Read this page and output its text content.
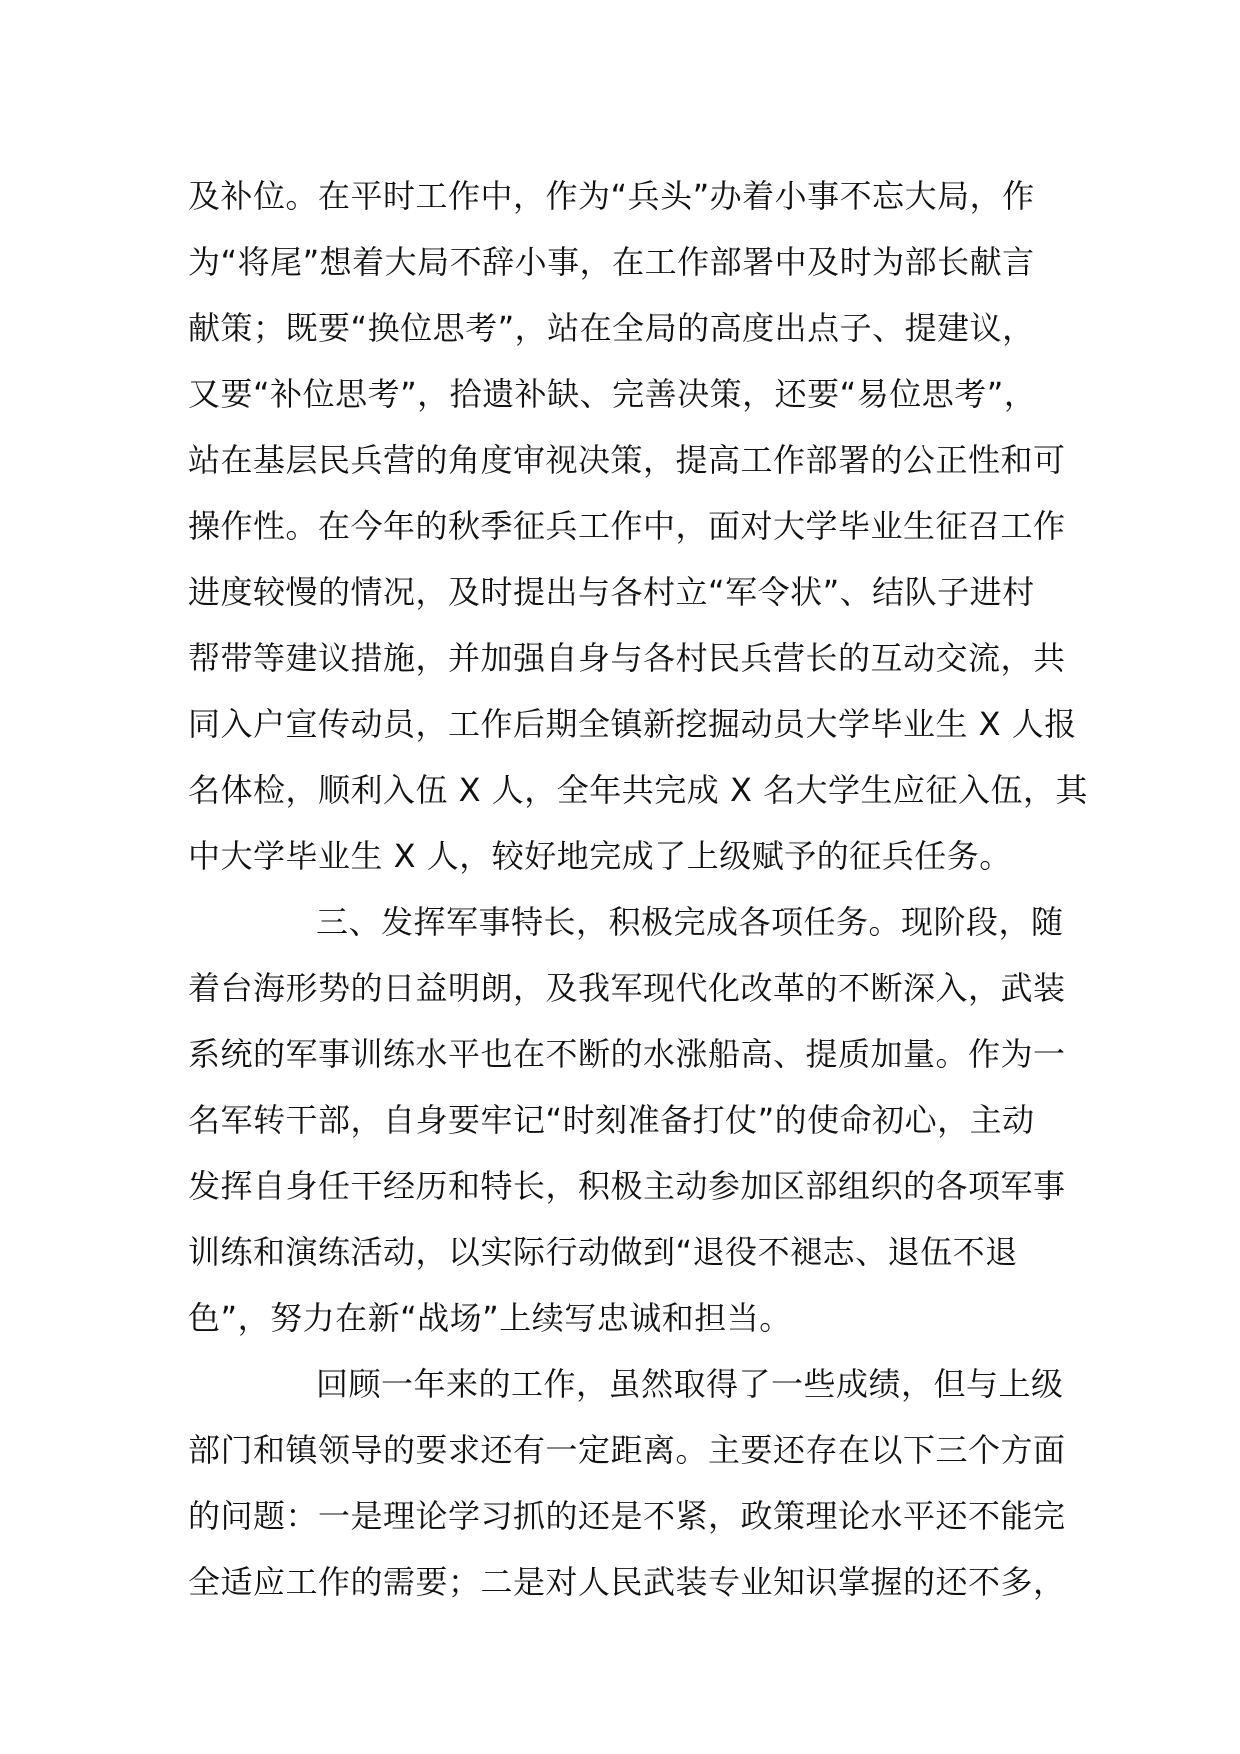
及补位。在平时工作中，作为“兵头”办着小事不忘大局，作
为“将尾”想着大局不辞小事，在工作部署中及时为部长献言
献策；既要“换位思考”，站在全局的高度出点子、提建议，
又要“补位思考”，拾遗补缺、完善决策，还要“易位思考”，
站在基层民兵营的角度审视决策，提高工作部署的公正性和可
操作性。在今年的秋季征兵工作中，面对大学毕业生征召工作
进度较慢的情况，及时提出与各村立“军令状”、结队子进村
帮带等建议措施，并加强自身与各村民兵营长的互动交流，共
同入户宣传动员，工作后期全镇新挖掘动员大学毕业生 X 人报
名体检，顺利入伍 X 人，全年共完成 X 名大学生应征入伍，其
中大学毕业生 X 人，较好地完成了上级赋予的征兵任务。
三、发挥军事特长，积极完成各项任务。现阶段，随
着台海形势的日益明朗，及我军现代化改革的不断深入，武装
系统的军事训练水平也在不断的水涨船高、提质加量。作为一
名军转干部，自身要牢记“时刻准备打仗”的使命初心，主动
发挥自身任干经历和特长，积极主动参加区部组织的各项军事
训练和演练活动，以实际行动做到“退役不褪志、退伍不退
色”，努力在新“战场”上续写忠诚和担当。
回顾一年来的工作，虽然取得了一些成绩，但与上级
部门和镇领导的要求还有一定距离。主要还存在以下三个方面
的问题：一是理论学习抓的还是不紧，政策理论水平还不能完
全适应工作的需要；二是对人民武装专业知识掌握的还不多，
